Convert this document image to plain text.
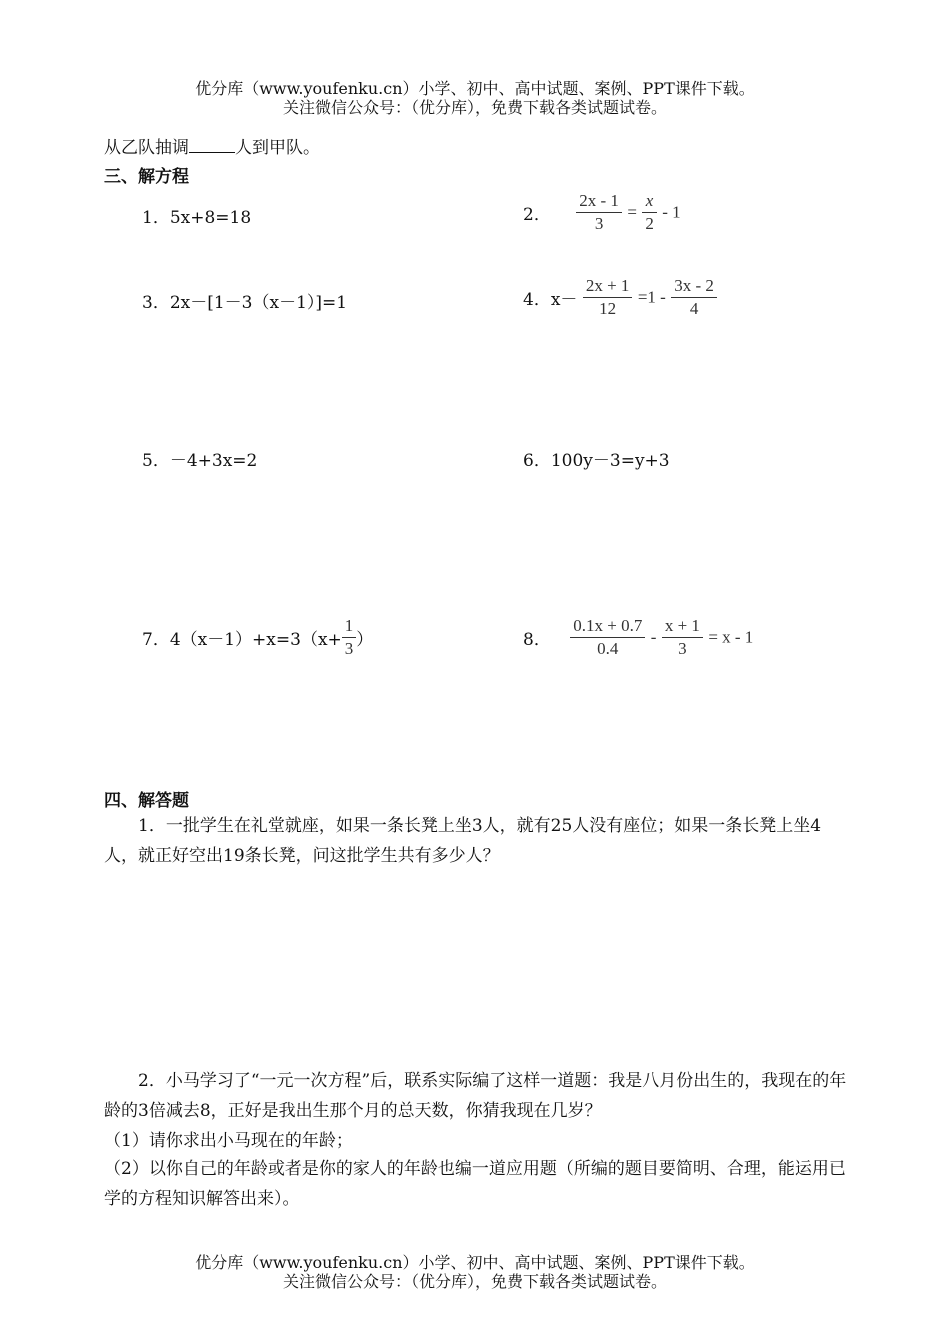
优分库（www.youfenku.cn）小学、初中、高中试题、案例、PPT课件下载。
关注微信公众号：（优分库），免费下载各类试题试卷。
从乙队抽调	人到甲队。
三、解方程
1．5x+8=18	2． $\frac{2x - 1}{3} = \frac{x}{2} - 1$
3．2x－[1－3（x－1）]=1	4．$x- \frac{2x + 1}{12} =1 - \frac{3x - 2}{4}$
5．－4+3x=2	6．100y－3=y+3
7．$4(x-1)+x=3(x+ \frac{1}{3}$ ）	8． $\frac{0.1x + 0.7}{0.4} - \frac{x + 1}{3} = x - 1$
四、解答题
1．一批学生在礼堂就座，如果一条长凳上坐3人，就有25人没有座位；如果一条长凳上坐4人，就正好空出19条长凳，问这批学生共有多少人？
2．小马学习了“一元一次方程”后，联系实际编了这样一道题：我是八月份出生的，我现在的年龄的3倍减去8，正好是我出生那个月的总天数，你猜我现在几岁？
（1）请你求出小马现在的年龄；
（2）以你自己的年龄或者是你的家人的年龄也编一道应用题（所编的题目要简明、合理，能运用已学的方程知识解答出来）。
优分库（www.youfenku.cn）小学、初中、高中试题、案例、PPT课件下载。
关注微信公众号：（优分库），免费下载各类试题试卷。
